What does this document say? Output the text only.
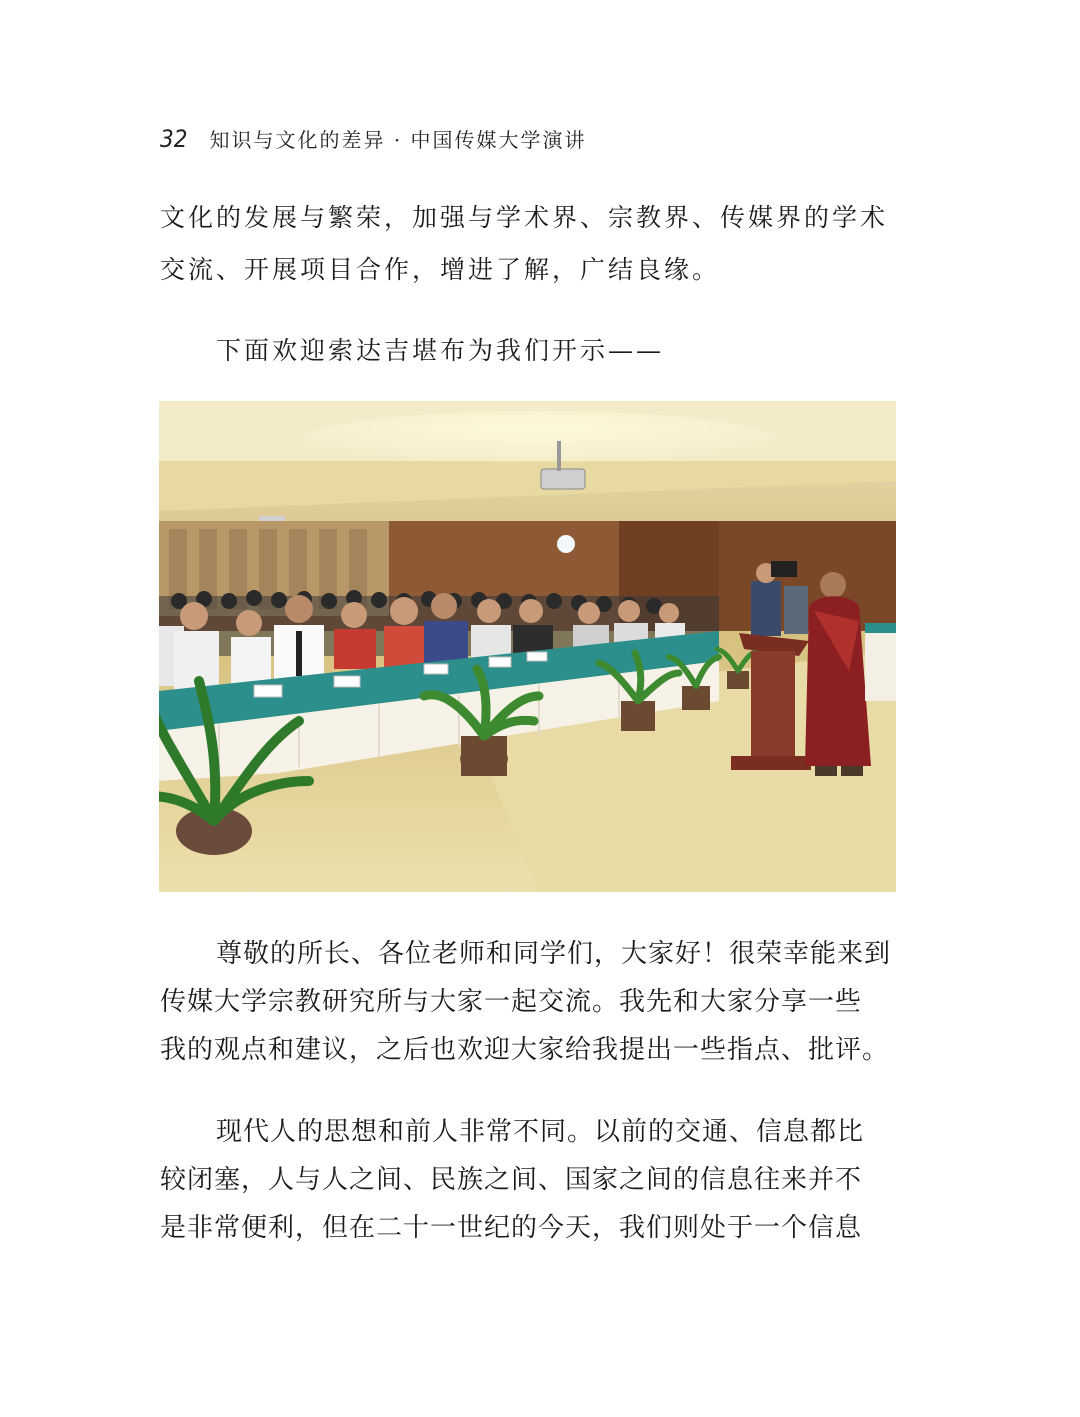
32 知识与文化的差异 · 中国传媒大学演讲

文化的发展与繁荣，加强与学术界、宗教界、传媒界的学术
交流、开展项目合作，增进了解，广结良缘。

下面欢迎索达吉堪布为我们开示——

尊敬的所长、各位老师和同学们，大家好！很荣幸能来到
传媒大学宗教研究所与大家一起交流。我先和大家分享一些
我的观点和建议，之后也欢迎大家给我提出一些指点、批评。

现代人的思想和前人非常不同。以前的交通、信息都比
较闭塞，人与人之间、民族之间、国家之间的信息往来并不
是非常便利，但在二十一世纪的今天，我们则处于一个信息
